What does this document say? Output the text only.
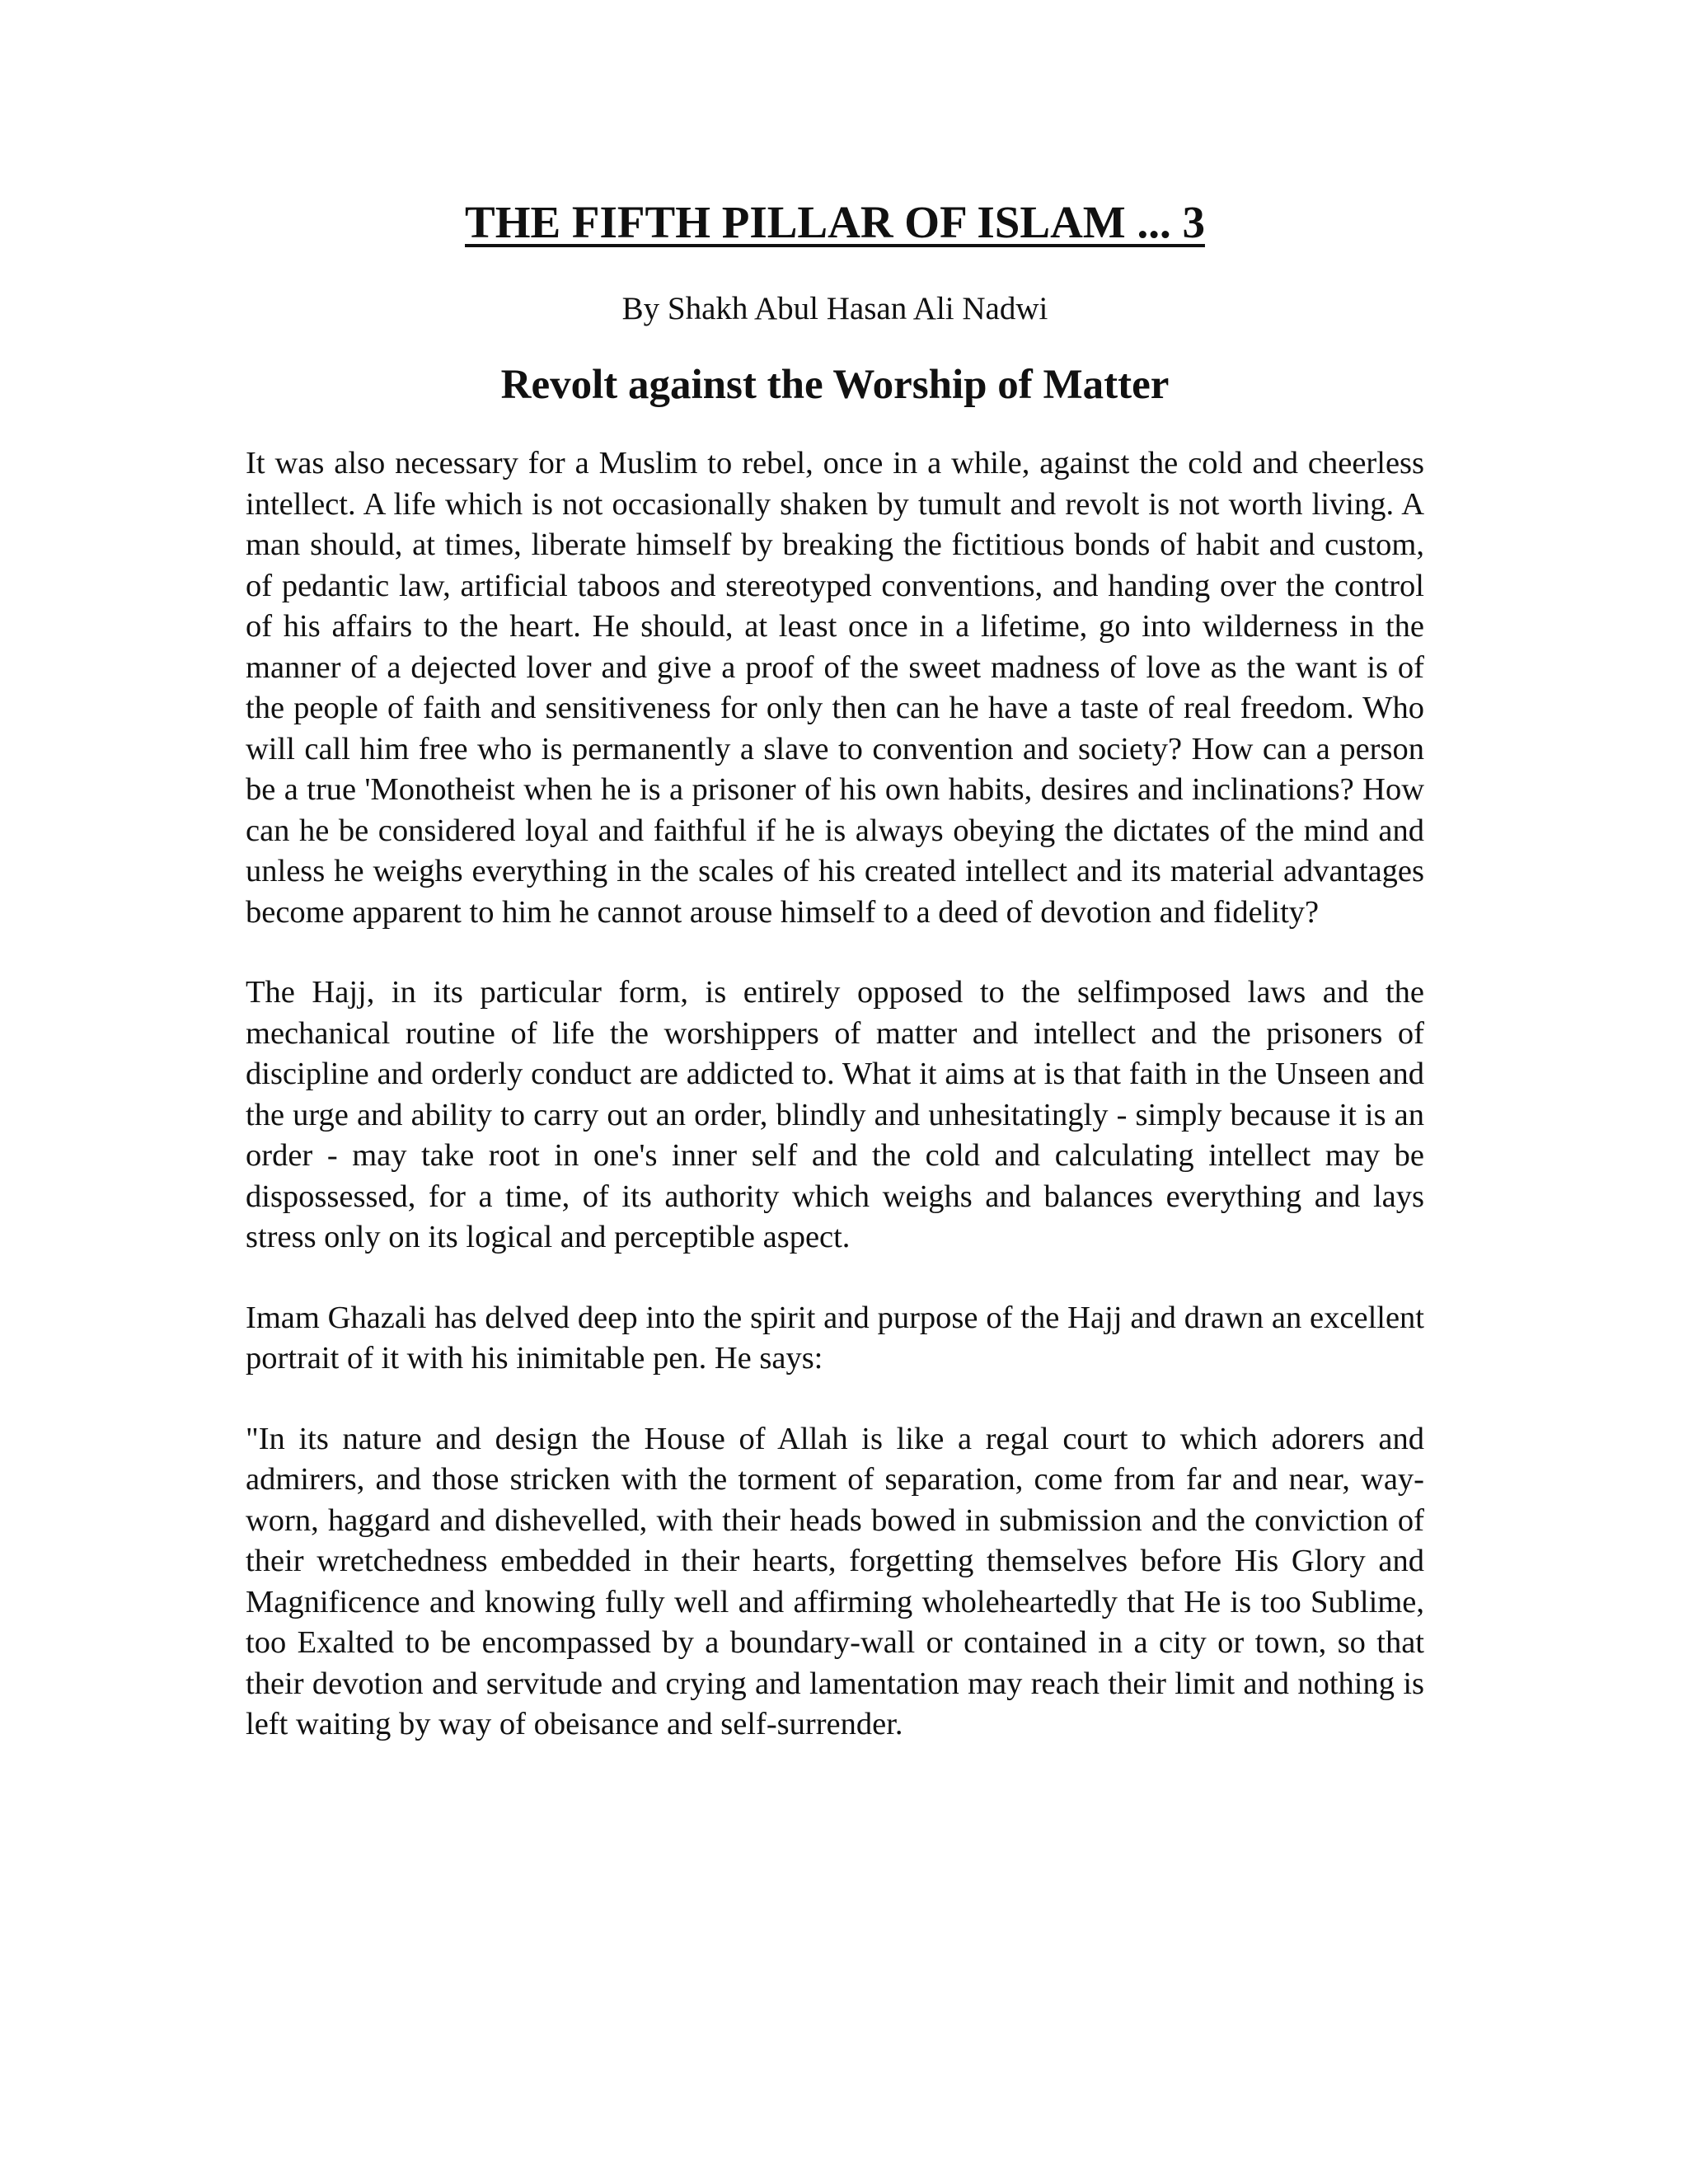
THE FIFTH PILLAR OF ISLAM ... 3

By Shakh Abul Hasan Ali Nadwi

Revolt against the Worship of Matter

It was also necessary for a Muslim to rebel, once in a while, against the cold and cheerless intellect. A life which is not occasionally shaken by tumult and revolt is not worth living. A man should, at times, liberate himself by breaking the fictitious bonds of habit and custom, of pedantic law, artificial taboos and stereotyped conventions, and handing over the control of his affairs to the heart. He should, at least once in a lifetime, go into wilderness in the manner of a dejected lover and give a proof of the sweet madness of love as the want is of the people of faith and sensitiveness for only then can he have a taste of real freedom. Who will call him free who is permanently a slave to convention and society? How can a person be a true 'Monotheist when he is a prisoner of his own habits, desires and inclinations? How can he be considered loyal and faithful if he is always obeying the dictates of the mind and unless he weighs everything in the scales of his created intellect and its material advantages become apparent to him he cannot arouse himself to a deed of devotion and fidelity?

The Hajj, in its particular form, is entirely opposed to the selfimposed laws and the mechanical routine of life the worshippers of matter and intellect and the prisoners of discipline and orderly conduct are addicted to. What it aims at is that faith in the Unseen and the urge and ability to carry out an order, blindly and unhesitatingly - simply because it is an order - may take root in one's inner self and the cold and calculating intellect may be dispossessed, for a time, of its authority which weighs and balances everything and lays stress only on its logical and perceptible aspect.

Imam Ghazali has delved deep into the spirit and purpose of the Hajj and drawn an excellent portrait of it with his inimitable pen. He says:

"In its nature and design the House of Allah is like a regal court to which adorers and admirers, and those stricken with the torment of separation, come from far and near, way-worn, haggard and dishevelled, with their heads bowed in submission and the conviction of their wretchedness embedded in their hearts, forgetting themselves before His Glory and Magnificence and knowing fully well and affirming wholeheartedly that He is too Sublime, too Exalted to be encompassed by a boundary-wall or contained in a city or town, so that their devotion and servitude and crying and lamentation may reach their limit and nothing is left waiting by way of obeisance and self-surrender.
